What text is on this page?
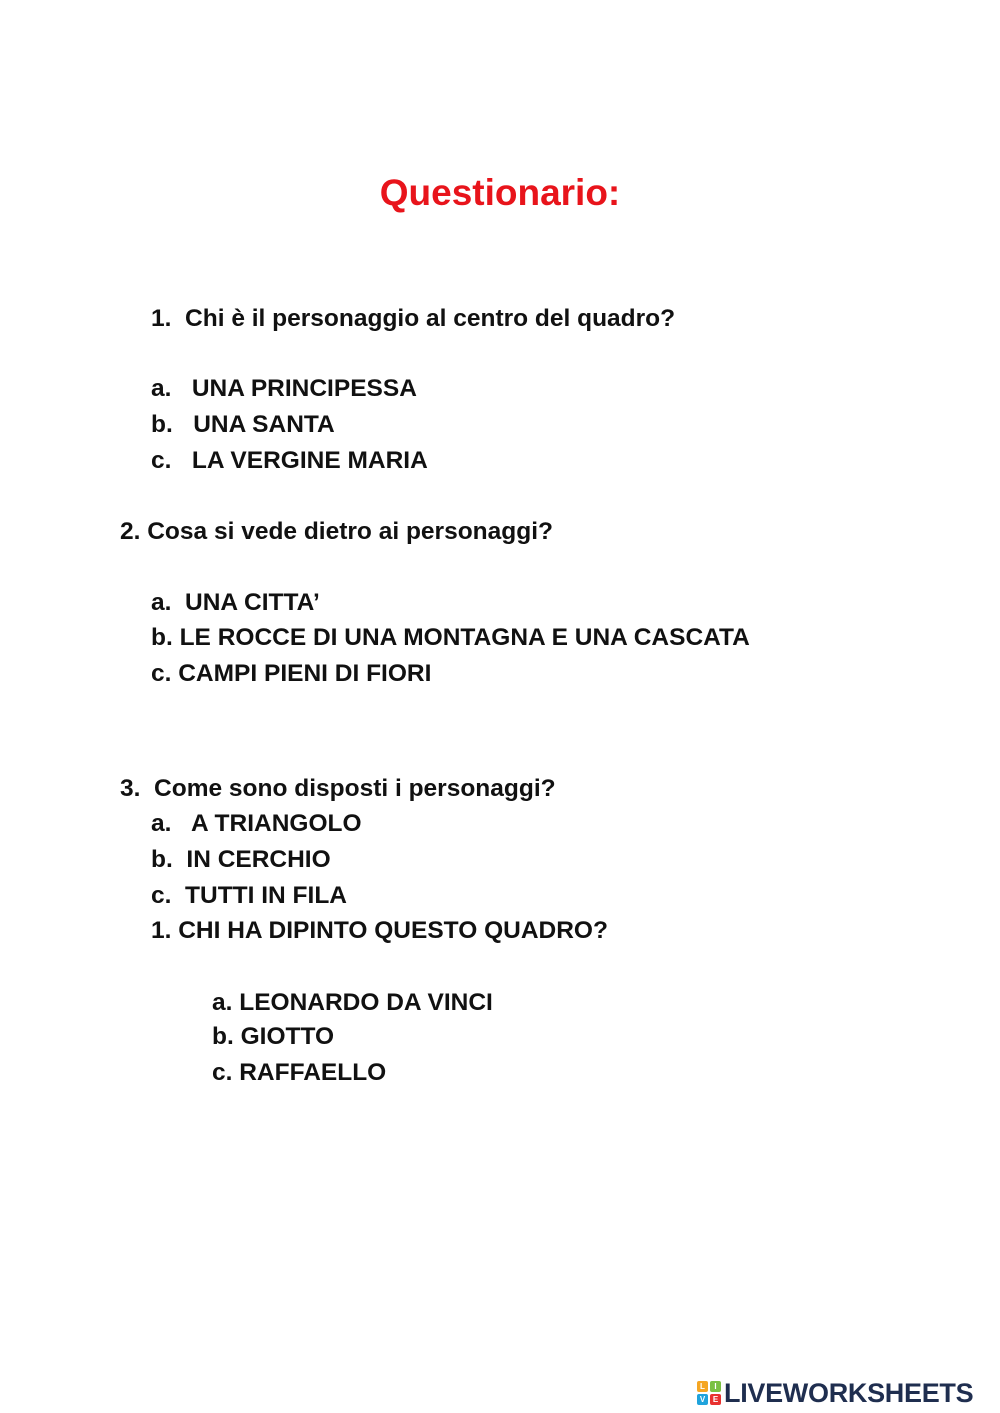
Questionario:
1.  Chi è il personaggio al centro del quadro?
a.   UNA PRINCIPESSA
b.   UNA SANTA
c.   LA VERGINE MARIA
2. Cosa si vede dietro ai personaggi?
a.  UNA CITTA’
b. LE ROCCE DI UNA MONTAGNA E UNA CASCATA
c. CAMPI PIENI DI FIORI
3.  Come sono disposti i personaggi?
a.   A TRIANGOLO
b.  IN CERCHIO
c.  TUTTI IN FILA
1. CHI HA DIPINTO QUESTO QUADRO?
a. LEONARDO DA VINCI
b. GIOTTO
c. RAFFAELLO
L	I
V E LIVEWORKSHEETS
